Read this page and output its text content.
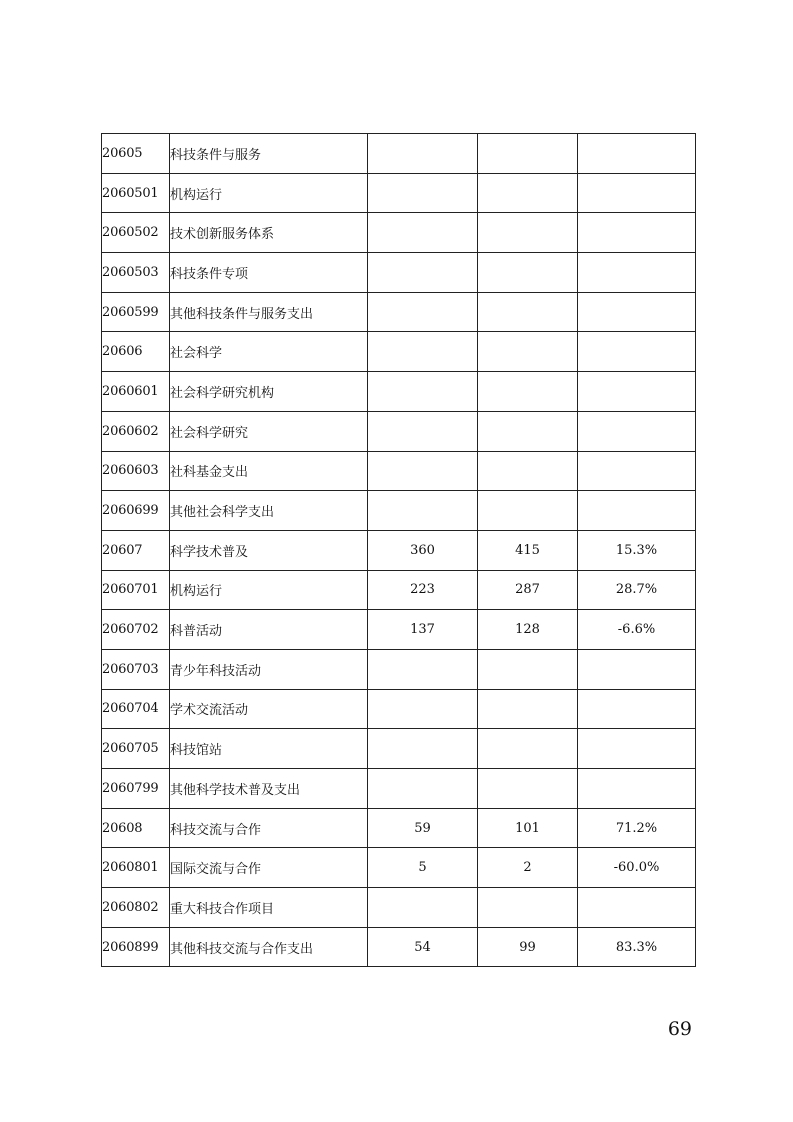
20605	科技条件与服务			
2060501	机构运行			
2060502	技术创新服务体系			
2060503	科技条件专项			
2060599	其他科技条件与服务支出			
20606	社会科学			
2060601	社会科学研究机构			
2060602	社会科学研究			
2060603	社科基金支出			
2060699	其他社会科学支出			
20607	科学技术普及	360	415	15.3%
2060701	机构运行	223	287	28.7%
2060702	科普活动	137	128	-6.6%
2060703	青少年科技活动			
2060704	学术交流活动			
2060705	科技馆站			
2060799	其他科学技术普及支出			
20608	科技交流与合作	59	101	71.2%
2060801	国际交流与合作	5	2	-60.0%
2060802	重大科技合作项目			
2060899	其他科技交流与合作支出	54	99	83.3%
69
